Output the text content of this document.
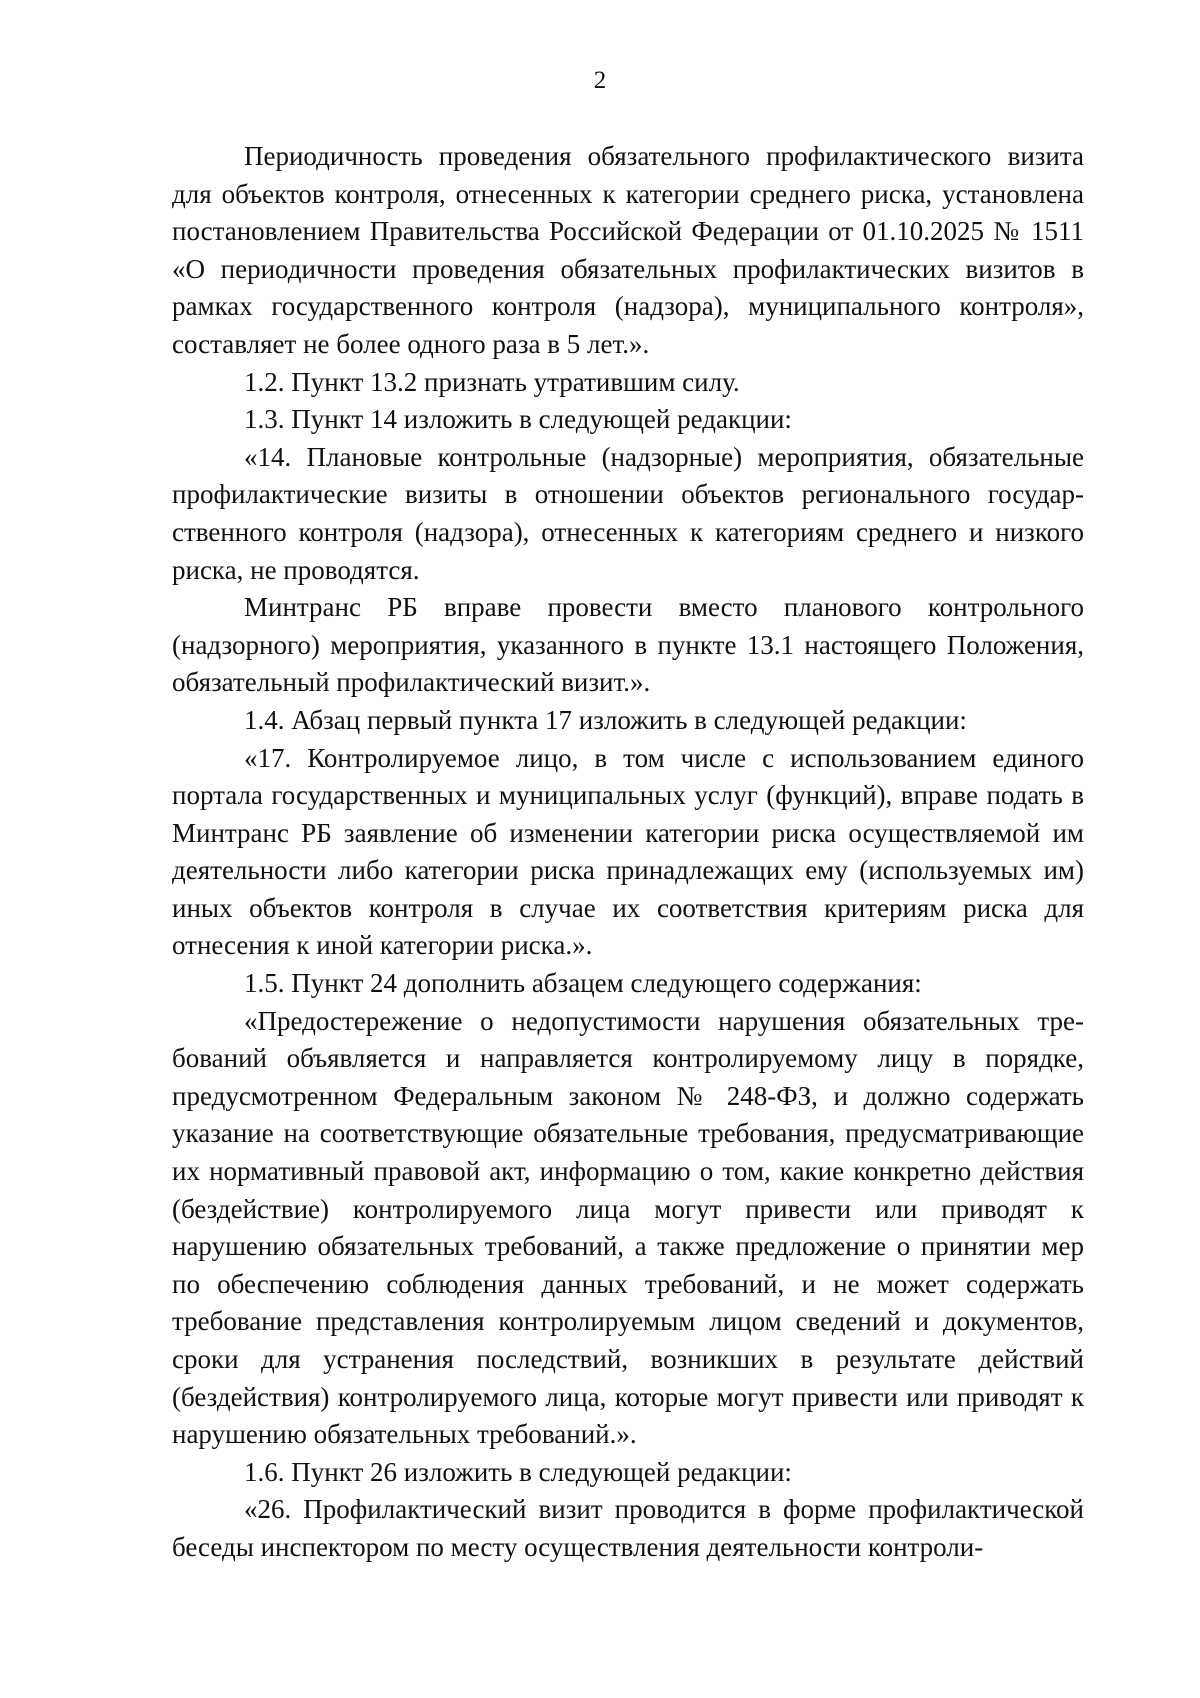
2

Периодичность проведения обязательного профилактического визита для объектов контроля, отнесенных к категории среднего риска, установлена постановлением Правительства Российской Федерации от 01.10.2025 № 1511 «О периодичности проведения обязательных профилактических визитов в рамках государственного контроля (надзора), муниципального контроля», составляет не более одного раза в 5 лет.».

1.2. Пункт 13.2 признать утратившим силу.

1.3. Пункт 14 изложить в следующей редакции:

«14. Плановые контрольные (надзорные) мероприятия, обязательные профилактические визиты в отношении объектов регионального государственного контроля (надзора), отнесенных к категориям среднего и низкого риска, не проводятся.

Минтранс РБ вправе провести вместо планового контрольного (надзорного) мероприятия, указанного в пункте 13.1 настоящего Положения, обязательный профилактический визит.».

1.4. Абзац первый пункта 17 изложить в следующей редакции:

«17. Контролируемое лицо, в том числе с использованием единого портала государственных и муниципальных услуг (функций), вправе подать в Минтранс РБ заявление об изменении категории риска осуществляемой им деятельности либо категории риска принадлежащих ему (используемых им) иных объектов контроля в случае их соответствия критериям риска для отнесения к иной категории риска.».

1.5. Пункт 24 дополнить абзацем следующего содержания:

«Предостережение о недопустимости нарушения обязательных требований объявляется и направляется контролируемому лицу в порядке, предусмотренном Федеральным законом № 248-ФЗ, и должно содержать указание на соответствующие обязательные требования, предусматривающие их нормативный правовой акт, информацию о том, какие конкретно действия (бездействие) контролируемого лица могут привести или приводят к нарушению обязательных требований, а также предложение о принятии мер по обеспечению соблюдения данных требований, и не может содержать требование представления контролируемым лицом сведений и документов, сроки для устранения последствий, возникших в результате действий (бездействия) контролируемого лица, которые могут привести или приводят к нарушению обязательных требований.».

1.6. Пункт 26 изложить в следующей редакции:

«26. Профилактический визит проводится в форме профилактической беседы инспектором по месту осуществления деятельности контроли-
